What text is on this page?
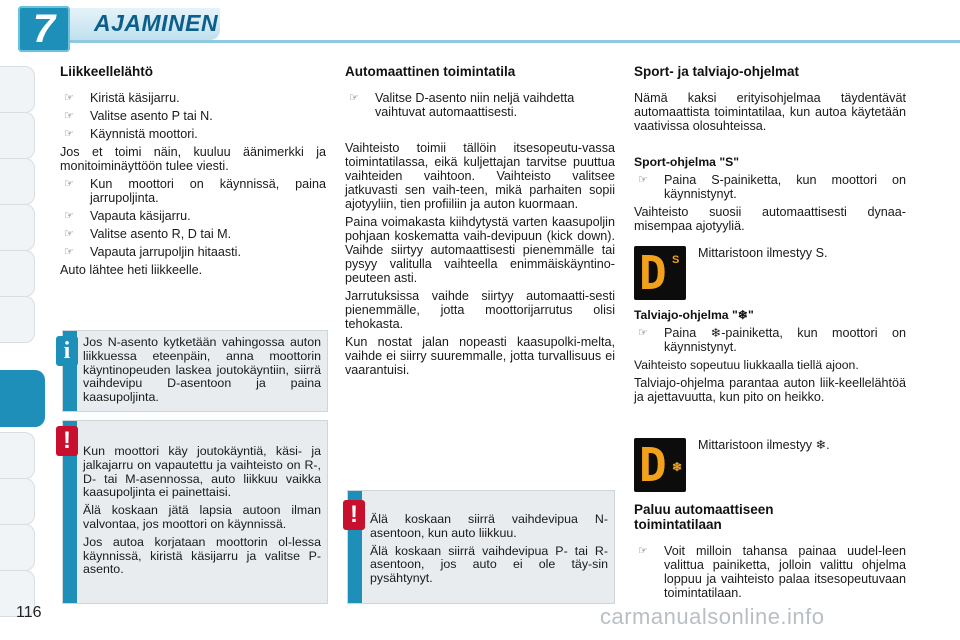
7	AJAMINEN
Liikkeellelähtö
☞	Kiristä käsijarru.

☞	Valitse asento P tai N.

☞	Käynnistä moottori.

Jos et toimi näin, kuuluu äänimerkki ja monitoiminäyttöön tulee viesti.

☞	Kun moottori on käynnissä, paina jarrupoljinta.

☞	Vapauta käsijarru.

☞	Valitse asento R, D tai M.

☞	Vapauta jarrupoljin hitaasti.

Auto lähtee heti liikkeelle.

Jos N-asento kytketään vahingossa auton liikkuessa eteenpäin, anna moottorin käyntinopeuden laskea joutokäyntiin, siirrä vaihdevipu D-asentoon ja paina kaasupoljinta.
i
Kun moottori käy joutokäyntiä, käsi- ja jalkajarru on vapautettu ja vaihteisto on R-, D- tai M-asennossa, auto liikkuu vaikka kaasupoljinta ei painettaisi.
Älä koskaan jätä lapsia autoon ilman valvontaa, jos moottori on käynnissä.
Jos autoa korjataan moottorin ol-lessa käynnissä, kiristä käsijarru ja valitse P-asento.
!
Automaattinen toimintatila
☞	Valitse D-asento niin neljä vaihdetta vaihtuvat automaattisesti.

Vaihteisto toimii tällöin itsesopeutu-vassa toimintatilassa, eikä kuljettajan tarvitse puuttua vaihteiden vaihtoon. Vaihteisto valitsee jatkuvasti sen vaih-teen, mikä parhaiten sopii ajotyyliin, tien profiiliin ja auton kuormaan.

Paina voimakasta kiihdytystä varten kaasupoljin pohjaan koskematta vaih-devipuun (kick down). Vaihde siirtyy automaattisesti pienemmälle tai pysyy valitulla vaihteella enimmäiskäyntino-peuteen asti.

Jarrutuksissa vaihde siirtyy automaatti-sesti pienemmälle, jotta moottorijarrutus olisi tehokasta.

Kun nostat jalan nopeasti kaasupolki-melta, vaihde ei siirry suuremmalle, jotta turvallisuus ei vaarantuisi.

Älä koskaan siirrä vaihdevipua N-asentoon, kun auto liikkuu.
Älä koskaan siirrä vaihdevipua P- tai R-asentoon, jos auto ei ole täy-sin pysähtynyt.
!
Sport- ja talviajo-ohjelmat

Nämä kaksi erityisohjelmaa täydentävät automaattista toimintatilaa, kun autoa käytetään vaativissa olosuhteissa.

Sport-ohjelma "S"
☞	Paina S-painiketta, kun moottori on käynnistynyt.

Vaihteisto suosii automaattisesti dynaa-misempaa ajotyyliä.

D S Mittaristoon ilmestyy S.
Talviajo-ohjelma "❄"
☞	Paina ❄-painiketta, kun moottori on käynnistynyt.

Vaihteisto sopeutuu liukkaalla tiellä ajoon.

Talviajo-ohjelma parantaa auton liik-keellelähtöä ja ajettavuutta, kun pito on heikko.

D ❄
Mittaristoon ilmestyy ❄.
Paluu automaattiseen toimintatilaan
☞	Voit milloin tahansa painaa uudel-leen valittua painiketta, jolloin valittu ohjelma loppuu ja vaihteisto palaa itsesopeutuvaan toimintatilaan.

116	carmanualsonline.info
